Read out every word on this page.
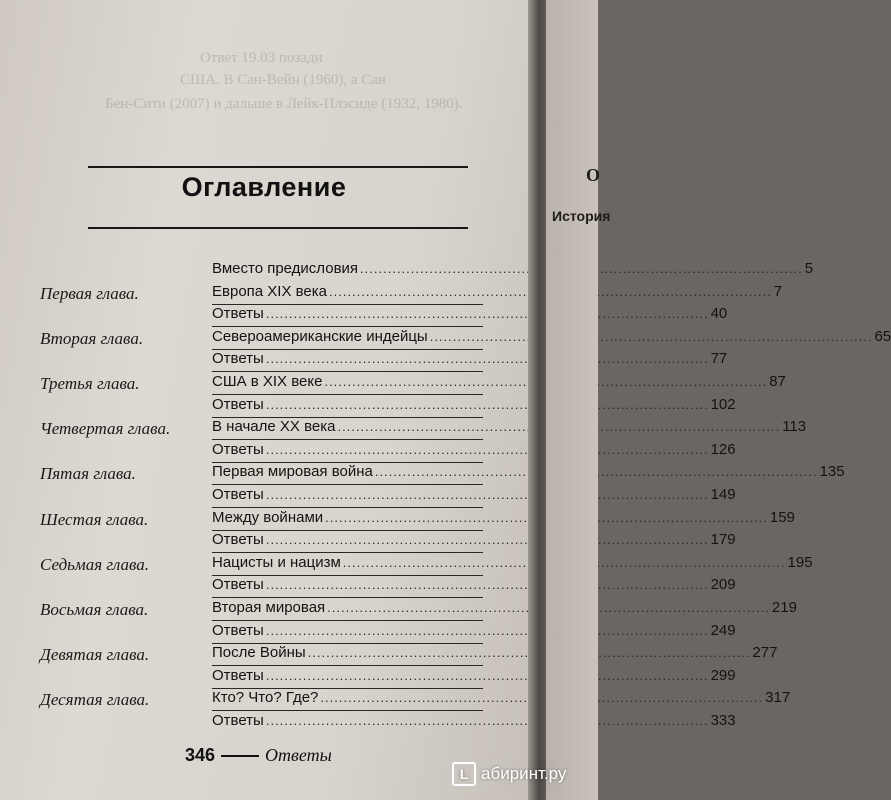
Ответ 19.03 позади
США. В Сан-Вейн (1960), а Сан
Бен-Сити (2007) и дальше в Лейк-Плэсиде (1932, 1980).
Оглавление
Вместо предисловия .....	5
Европа XIX века .....	7
Первая глава.
Ответы .....	40
Североамериканские индейцы .....	65
Вторая глава.
Ответы .....	77
США в XIX веке .....	87
Третья глава.
Ответы .....	102
В начале XX века .....	113
Четвертая глава.
Ответы .....	126
Первая мировая война .....	135
Пятая глава.
Ответы .....	149
Между войнами .....	159
Шестая глава.
Ответы .....	179
Нацисты и нацизм .....	195
Седьмая глава.
Ответы .....	209
Вторая мировая .....	219
Восьмая глава.
Ответы .....	249
После Войны .....	277
Девятая глава.
Ответы .....	299
Кто? Что? Где? .....	317
Десятая глава.
Ответы .....	333
346	Ответы
О
История
L абиринт.ру
